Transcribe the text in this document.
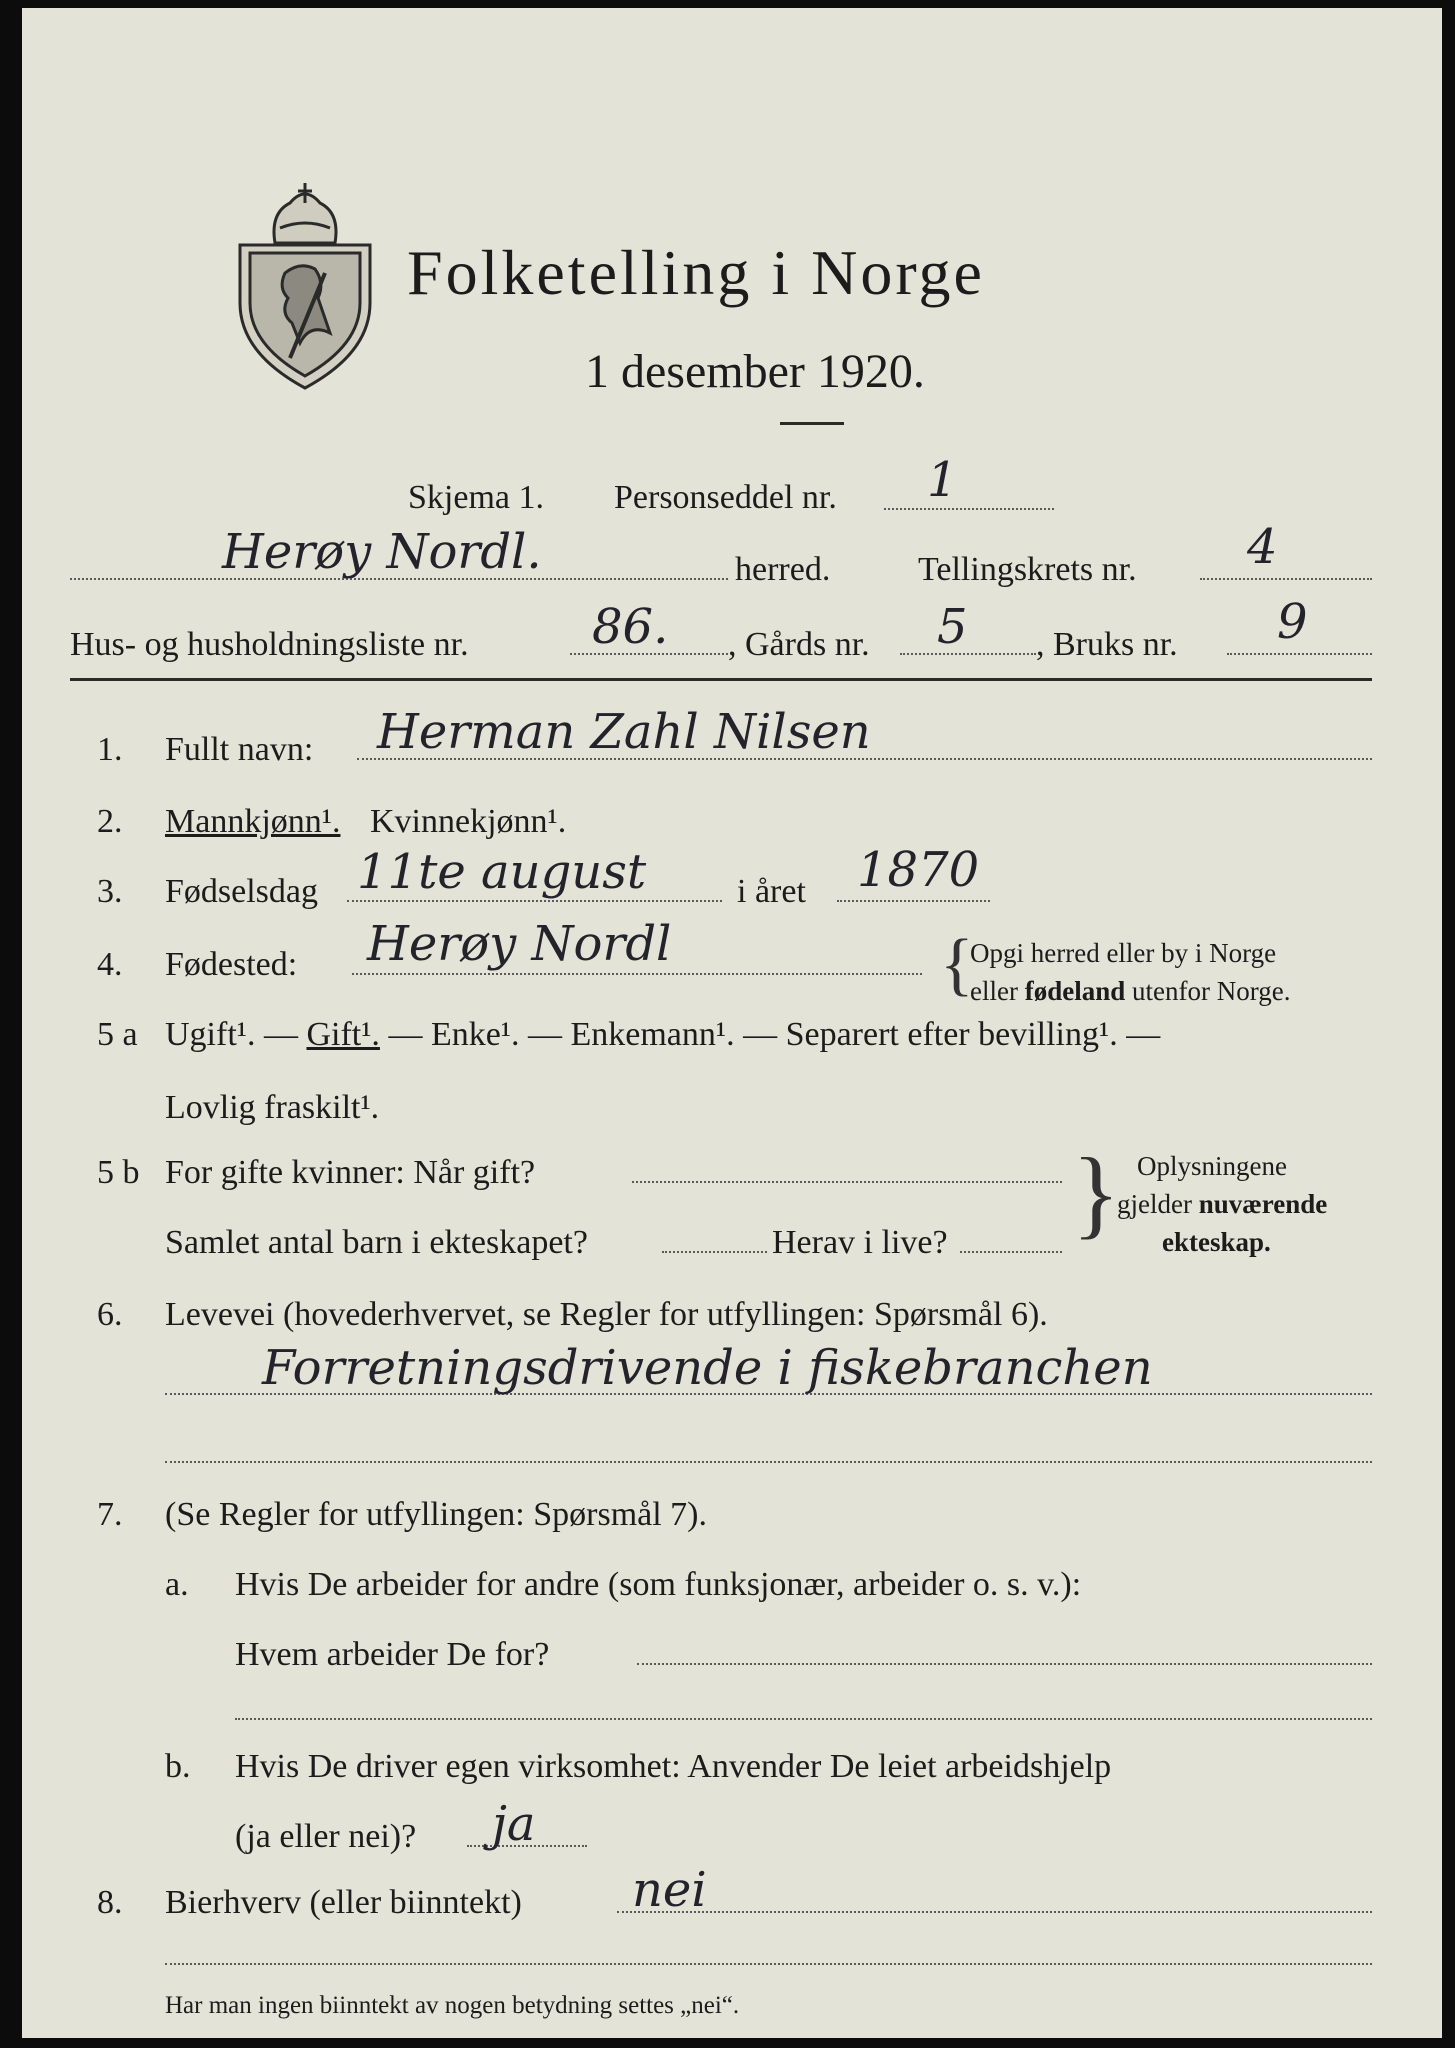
Folketelling i Norge
1 desember 1920.
Skjema 1. Personseddel nr. 1
Herøy Nordl.	herred.	Tellingskrets nr. 4
Hus- og husholdningsliste nr.	86. , Gårds nr. 5 , Bruks nr. 9
1. Fullt navn: Herman Zahl Nilsen
2. Mannkjønn¹. Kvinnekjønn¹.
3. Fødselsdag 11te august	i året 1870
4. Fødested: Herøy Nordl	{
Opgi herred eller by i Norge
eller fødeland utenfor Norge.
5 a Ugift¹. — Gift¹. — Enke¹. — Enkemann¹. — Separert efter bevilling¹. —
Lovlig fraskilt¹.
5 b For gifte kvinner: Når gift?
Samlet antal barn i ekteskapet?	Herav i live? } Oplysningene
gjelder nuværende
ekteskap.
6. Levevei (hovederhvervet, se Regler for utfyllingen: Spørsmål 6).
Forretningsdrivende i fiskebranchen
7. (Se Regler for utfyllingen: Spørsmål 7).
a. Hvis De arbeider for andre (som funksjonær, arbeider o. s. v.):
Hvem arbeider De for?
b. Hvis De driver egen virksomhet: Anvender De leiet arbeidshjelp
(ja eller nei)? ja
8. Bierhverv (eller biinntekt) nei
Har man ingen biinntekt av nogen betydning settes „nei“.
